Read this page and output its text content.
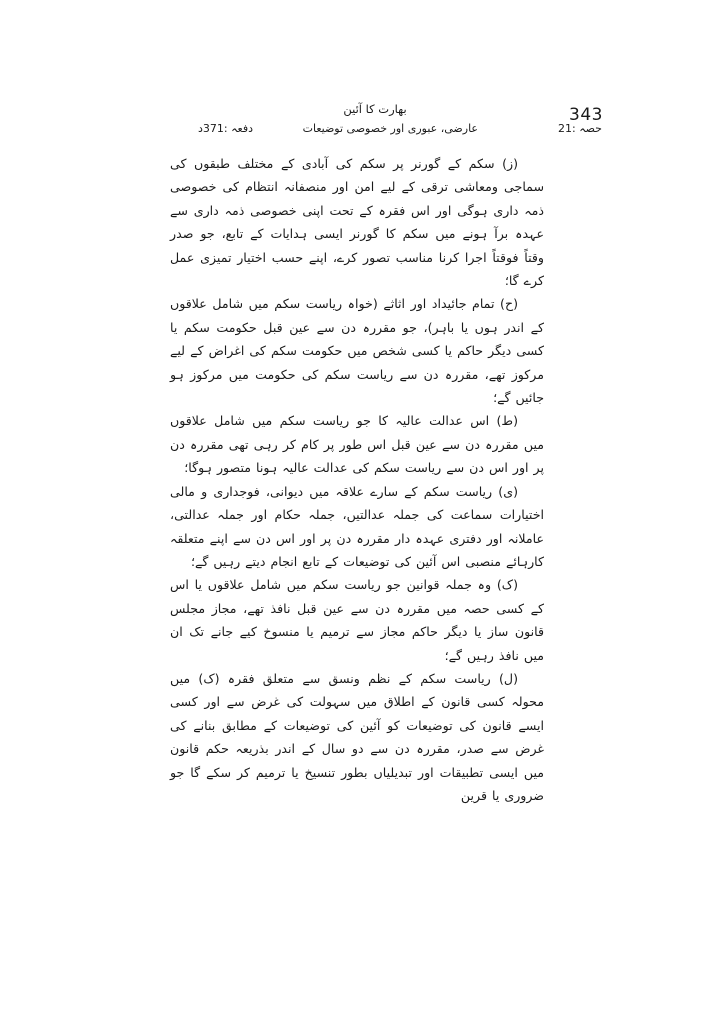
343
بھارت کا آئین
حصہ :21
عارضی، عبوری اور خصوصی توضیعات
دفعہ :371د

(ز) سکم کے گورنر پر سکم کی آبادی کے مختلف طبقوں کی سماجی ومعاشی ترقی کے لیے امن اور منصفانہ انتظام کی خصوصی ذمہ داری ہوگی اور اس فقرہ کے تحت اپنی خصوصی ذمہ داری سے عہدہ برآ ہونے میں سکم کا گورنر ایسی ہدایات کے تابع، جو صدر وقتاً فوقتاً اجرا کرنا مناسب تصور کرے، اپنے حسب اختیار تمیزی عمل کرے گا؛

(ح) تمام جائیداد اور اثاثے (خواہ ریاست سکم میں شامل علاقوں کے اندر ہوں یا باہر)، جو مقررہ دن سے عین قبل حکومت سکم یا کسی دیگر حاکم یا کسی شخص میں حکومت سکم کی اغراض کے لیے مرکوز تھے، مقررہ دن سے ریاست سکم کی حکومت میں مرکوز ہو جائیں گے؛

(ط) اس عدالت عالیہ کا جو ریاست سکم میں شامل علاقوں میں مقررہ دن سے عین قبل اس طور پر کام کر رہی تھی مقررہ دن پر اور اس دن سے ریاست سکم کی عدالت عالیہ ہونا متصور ہوگا؛

(ی) ریاست سکم کے سارے علاقہ میں دیوانی، فوجداری و مالی اختیارات سماعت کی جملہ عدالتیں، جملہ حکام اور جملہ عدالتی، عاملانہ اور دفتری عہدہ دار مقررہ دن پر اور اس دن سے اپنے متعلقہ کارہائے منصبی اس آئین کی توضیعات کے تابع انجام دیتے رہیں گے؛

(ک) وہ جملہ قوانین جو ریاست سکم میں شامل علاقوں یا اس کے کسی حصہ میں مقررہ دن سے عین قبل نافذ تھے، مجاز مجلس قانون ساز یا دیگر حاکم مجاز سے ترمیم یا منسوخ کیے جانے تک ان میں نافذ رہیں گے؛

(ل) ریاست سکم کے نظم ونسق سے متعلق فقرہ (ک) میں محولہ کسی قانون کے اطلاق میں سہولت کی غرض سے اور کسی ایسے قانون کی توضیعات کو آئین کی توضیعات کے مطابق بنانے کی غرض سے صدر، مقررہ دن سے دو سال کے اندر بذریعہ حکم قانون میں ایسی تطبیقات اور تبدیلیاں بطور تنسیخ یا ترمیم کر سکے گا جو ضروری یا قرین
